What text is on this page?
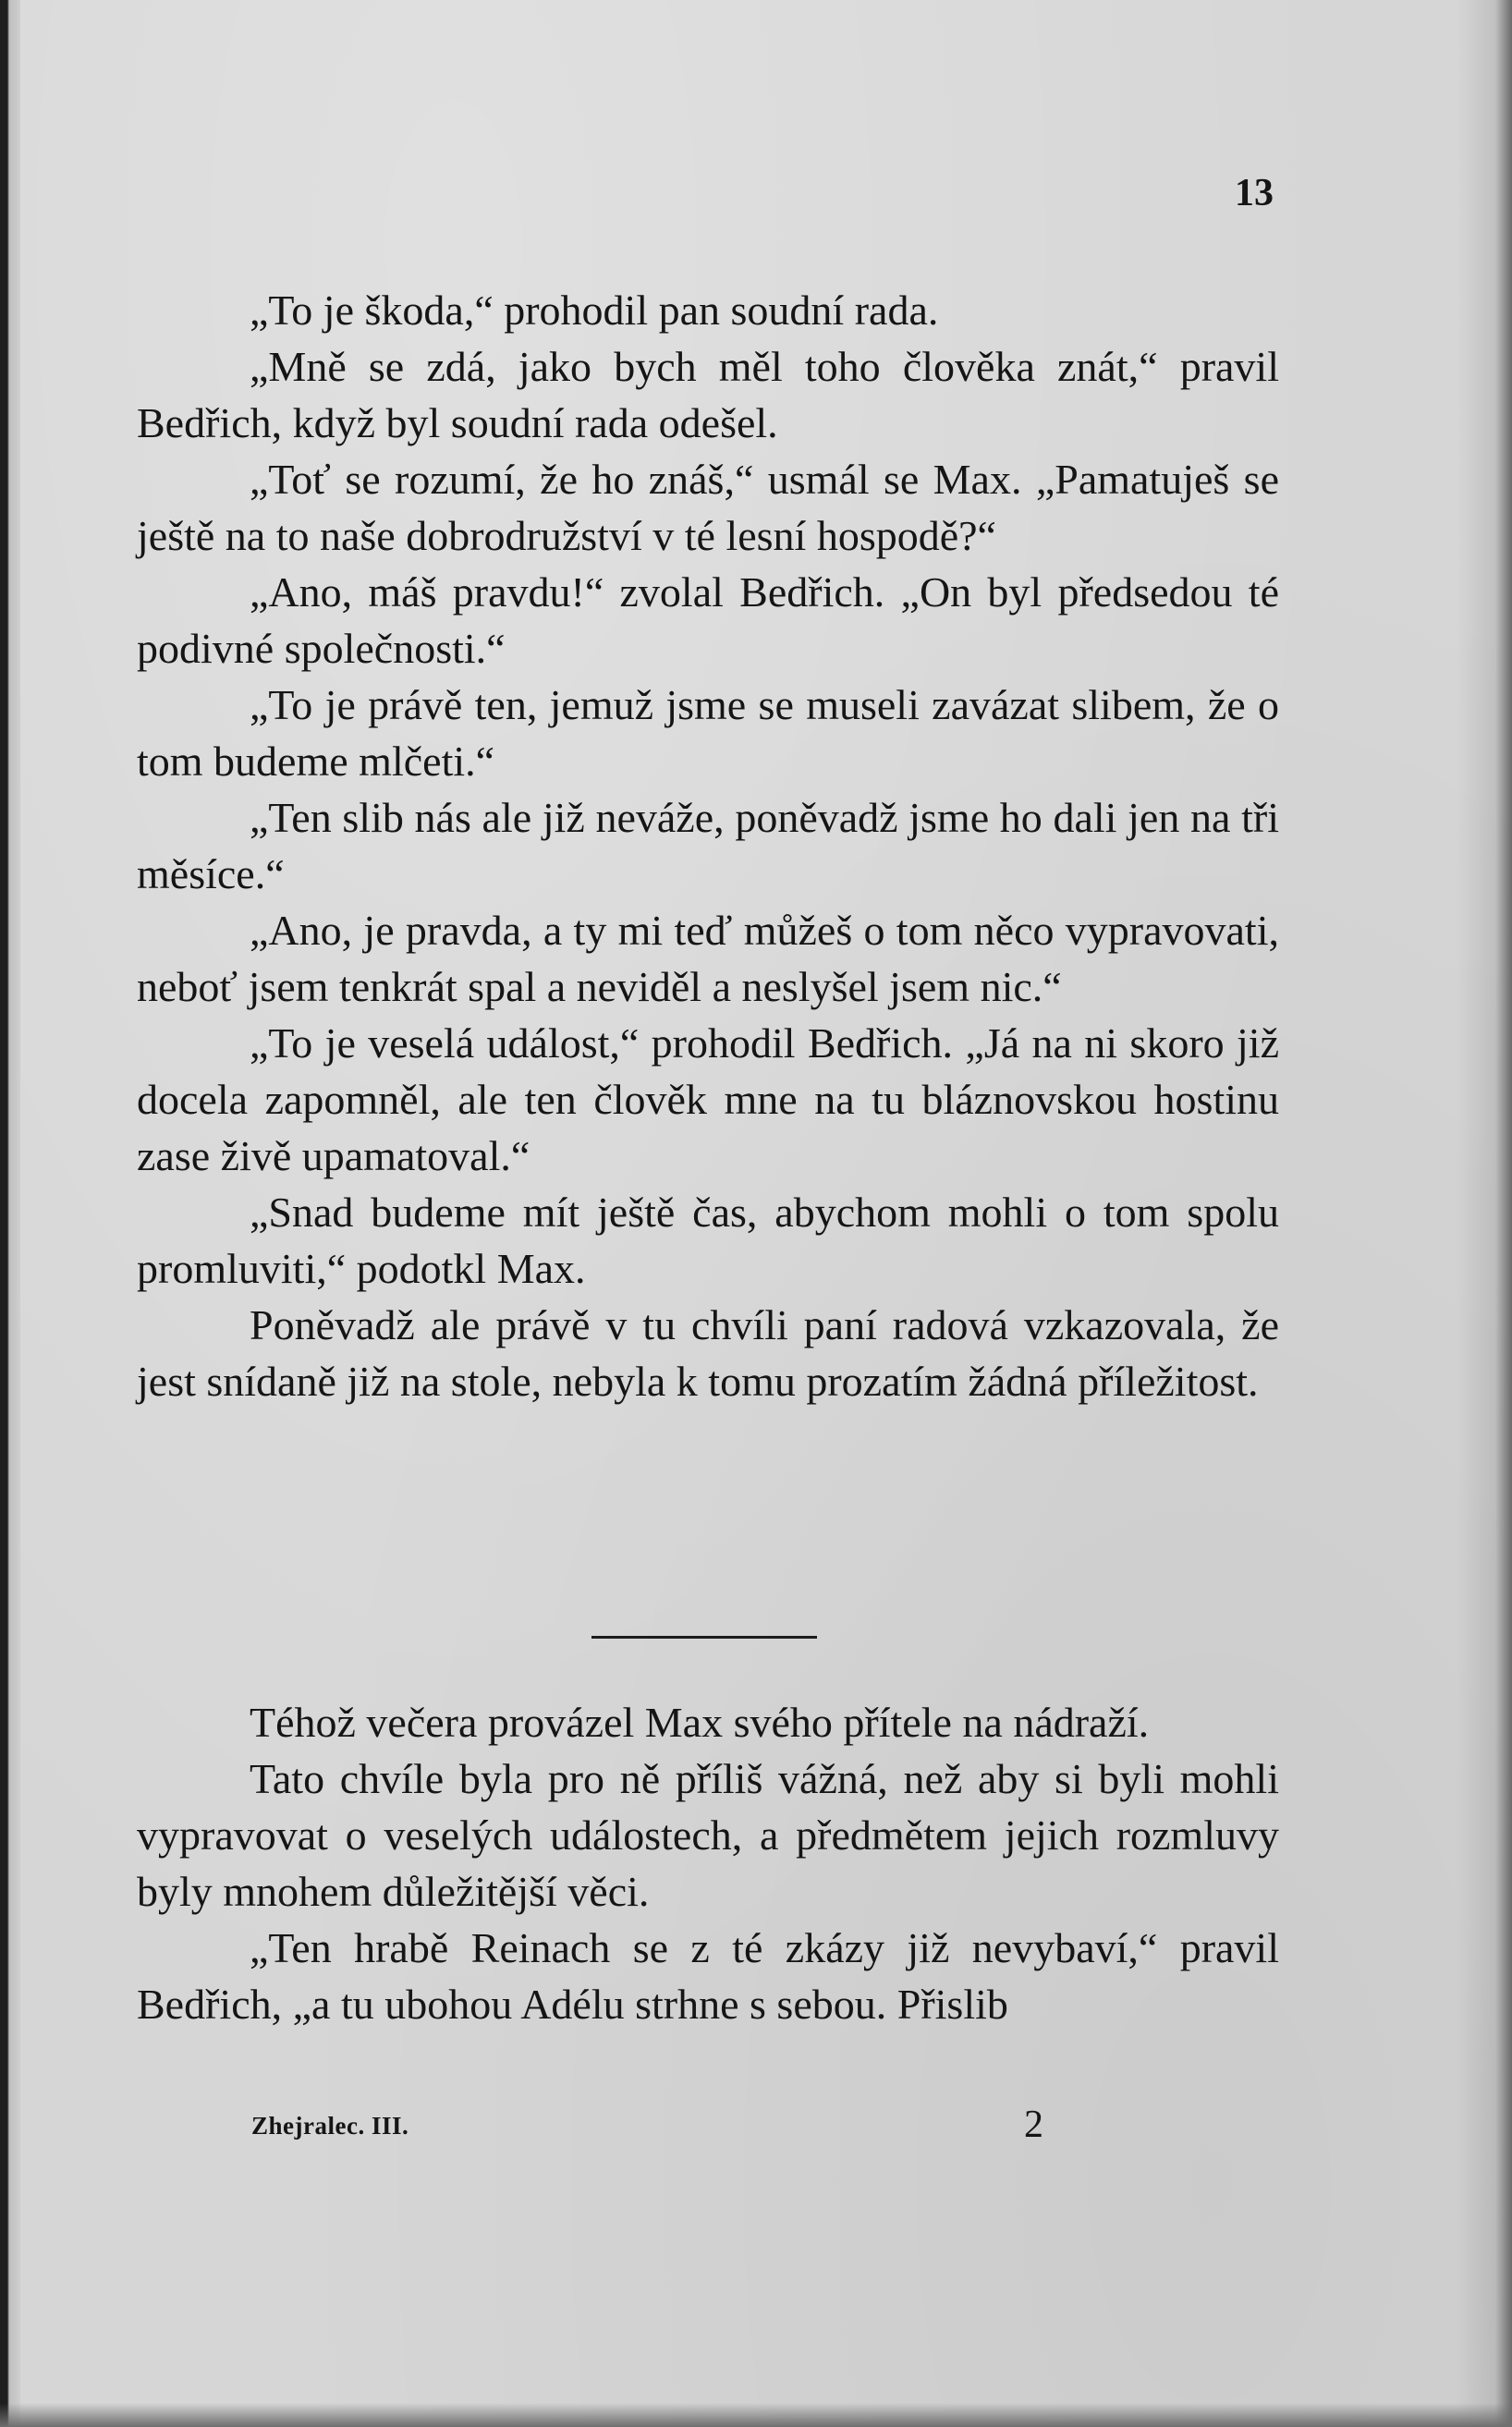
13

„To je škoda,“ prohodil pan soudní rada.

„Mně se zdá, jako bych měl toho člověka znát,“ pravil Bedřich, když byl soudní rada odešel.

„Toť se rozumí, že ho znáš,“ usmál se Max. „Pamatuješ se ještě na to naše dobrodružství v té lesní hospodě?“

„Ano, máš pravdu!“ zvolal Bedřich. „On byl předsedou té podivné společnosti.“

„To je právě ten, jemuž jsme se museli zavázat slibem, že o tom budeme mlčeti.“

„Ten slib nás ale již neváže, poněvadž jsme ho dali jen na tři měsíce.“

„Ano, je pravda, a ty mi teď můžeš o tom něco vypravovati, neboť jsem tenkrát spal a neviděl a neslyšel jsem nic.“

„To je veselá událost,“ prohodil Bedřich. „Já na ni skoro již docela zapomněl, ale ten člověk mne na tu bláznovskou hostinu zase živě upamatoval.“

„Snad budeme mít ještě čas, abychom mohli o tom spolu promluviti,“ podotkl Max.

Poněvadž ale právě v tu chvíli paní radová vzkazovala, že jest snídaně již na stole, nebyla k tomu prozatím žádná příležitost.

Téhož večera provázel Max svého přítele na nádraží.

Tato chvíle byla pro ně příliš vážná, než aby si byli mohli vypravovat o veselých událostech, a předmětem jejich rozmluvy byly mnohem důležitější věci.

„Ten hrabě Reinach se z té zkázy již nevybaví,“ pravil Bedřich, „a tu ubohou Adélu strhne s sebou. Přislib

Zhejralec. III.	2
